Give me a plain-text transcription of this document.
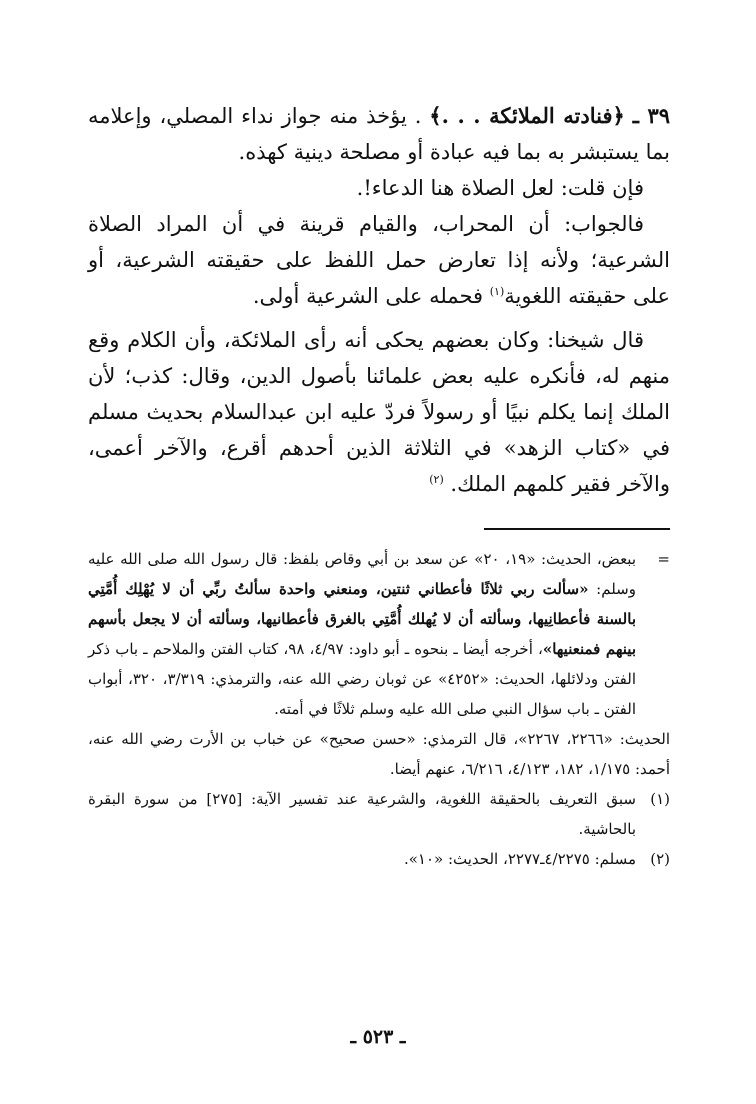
٣٩ ـ ﴿فنادته الملائكة . . .﴾ . يؤخذ منه جواز نداء المصلي، وإعلامه بما يستبشر به بما فيه عبادة أو مصلحة دينية كهذه.

فإن قلت: لعل الصلاة هنا الدعاء!.

فالجواب: أن المحراب، والقيام قرينة في أن المراد الصلاة الشرعية؛ ولأنه إذا تعارض حمل اللفظ على حقيقته الشرعية، أو على حقيقته اللغوية$^{(١)}$ فحمله على الشرعية أولى.

قال شيخنا: وكان بعضهم يحكى أنه رأى الملائكة، وأن الكلام وقع منهم له، فأنكره عليه بعض علمائنا بأصول الدين، وقال: كذب؛ لأن الملك إنما يكلم نبيًا أو رسولاً فردّ عليه ابن عبدالسلام بحديث مسلم في «كتاب الزهد» في الثلاثة الذين أحدهم أقرع، والآخر أعمى، والآخر فقير كلمهم الملك. $^{(٢)}$

=

ببعض، الحديث: «١٩، ٢٠» عن سعد بن أبي وقاص بلفظ: قال رسول الله صلى الله عليه وسلم: «سألت ربي ثلاثًا فأعطاني ثنتين، ومنعني واحدة سألتُ ربِّي أن لا يُهْلِك أُمَّتِي بالسنة فأعطانِيها، وسألته أن لا يُهلك أُمَّتِي بالغرق فأعطانيها، وسألته أن لا يجعل بأسهم بينهم فمنعنيها»، أخرجه أيضا ـ بنحوه ـ أبو داود: ٤/٩٧، ٩٨، كتاب الفتن والملاحم ـ باب ذكر الفتن ودلائلها، الحديث: «٤٢٥٢» عن ثوبان رضي الله عنه، والترمذي: ٣/٣١٩، ٣٢٠، أبواب الفتن ـ باب سؤال النبي صلى الله عليه وسلم ثلاثًا في أمته.

الحديث: «٢٢٦٦، ٢٢٦٧»، قال الترمذي: «حسن صحيح» عن خباب بن الأرت رضي الله عنه، أحمد: ١/١٧٥، ١٨٢، ٤/١٢٣، ٦/٢١٦، عنهم أيضا.

(١)

سبق التعريف بالحقيقة اللغوية، والشرعية عند تفسير الآية: [٢٧٥] من سورة البقرة بالحاشية.

(٢)

مسلم: ٤/٢٢٧٥ـ٢٢٧٧، الحديث: «١٠».

ـ ٥٢٣ ـ
